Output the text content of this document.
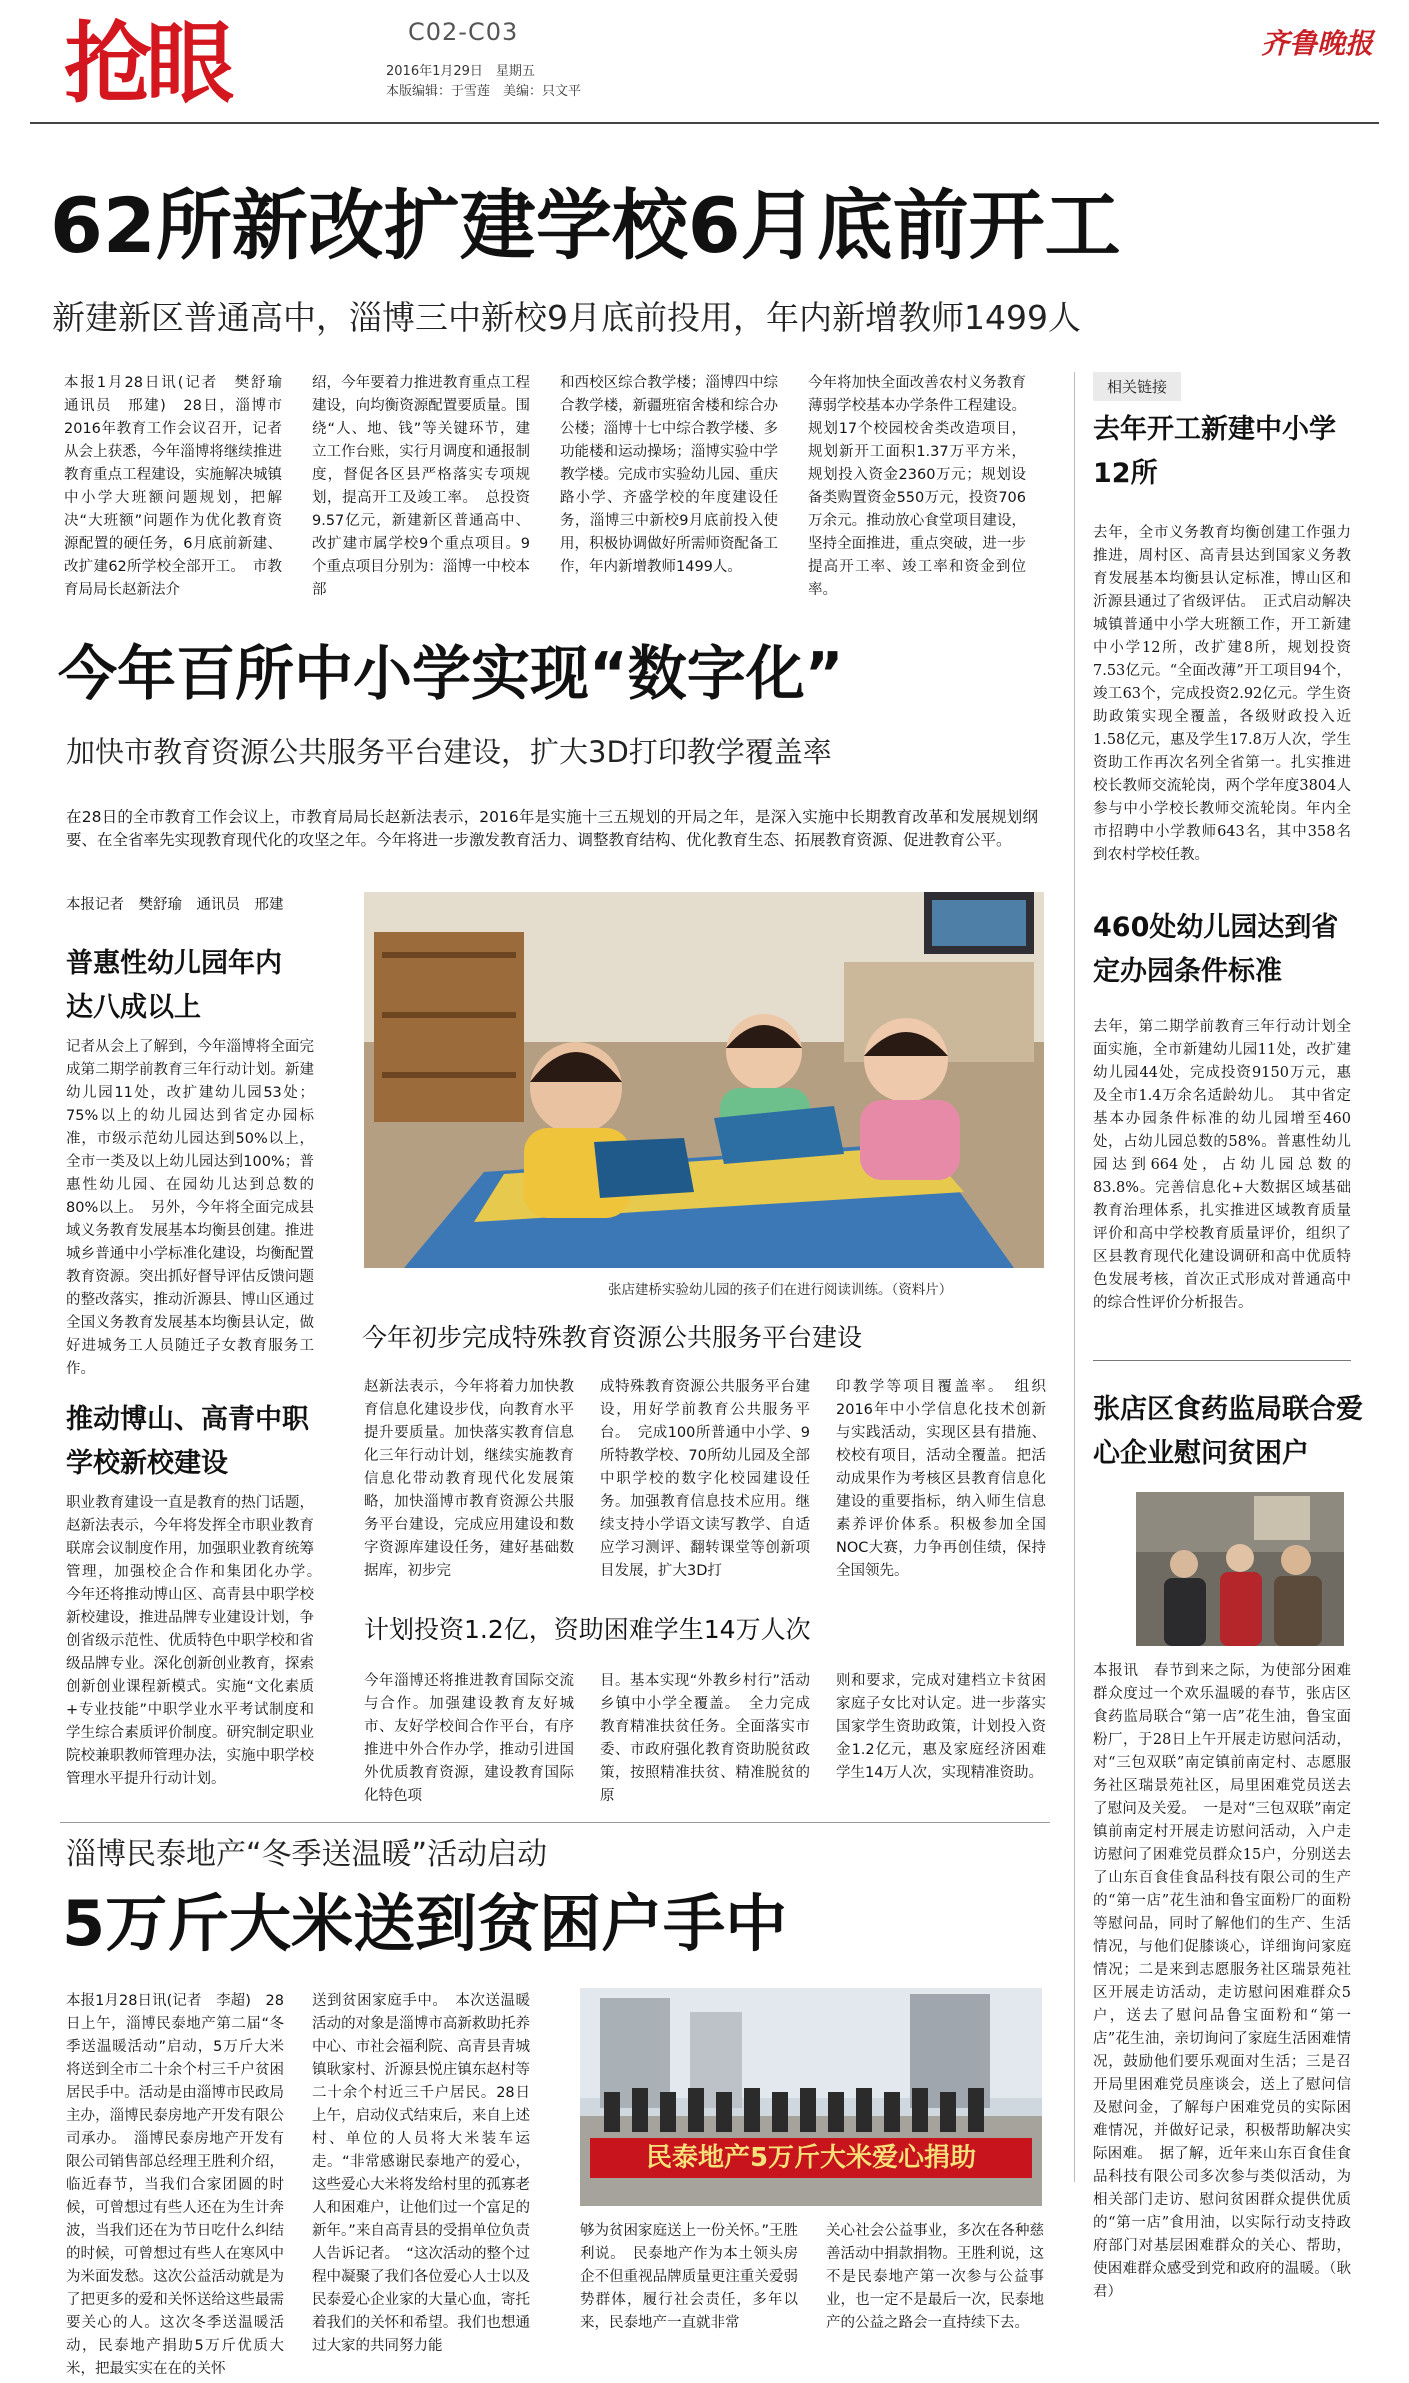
抢眼	C02-C03
2016年1月29日　星期五
本版编辑：于雪莲　美编：只文平
齐鲁晚报
62所新改扩建学校6月底前开工
新建新区普通高中，淄博三中新校9月底前投用，年内新增教师1499人

本报1月28日讯(记者　樊舒瑜　通讯员　邢建)　28日，淄博市2016年教育工作会议召开，记者从会上获悉，今年淄博将继续推进教育重点工程建设，实施解决城镇中小学大班额问题规划，把解决“大班额”问题作为优化教育资源配置的硬任务，6月底前新建、改扩建62所学校全部开工。　市教育局局长赵新法介

绍，今年要着力推进教育重点工程建设，向均衡资源配置要质量。围绕“人、地、钱”等关键环节，建立工作台账，实行月调度和通报制度，督促各区县严格落实专项规划，提高开工及竣工率。　总投资9.57亿元，新建新区普通高中、改扩建市属学校9个重点项目。9个重点项目分别为：淄博一中校本部

和西校区综合教学楼；淄博四中综合教学楼，新疆班宿舍楼和综合办公楼；淄博十七中综合教学楼、多功能楼和运动操场；淄博实验中学教学楼。完成市实验幼儿园、重庆路小学、齐盛学校的年度建设任务，淄博三中新校9月底前投入使用，积极协调做好所需师资配备工作，年内新增教师1499人。

今年将加快全面改善农村义务教育薄弱学校基本办学条件工程建设。规划17个校园校舍类改造项目，规划新开工面积1.37万平方米，规划投入资金2360万元；规划设备类购置资金550万元，投资706万余元。推动放心食堂项目建设，坚持全面推进，重点突破，进一步提高开工率、竣工率和资金到位率。

相关链接
去年开工新建中小学12所

去年，全市义务教育均衡创建工作强力推进，周村区、高青县达到国家义务教育发展基本均衡县认定标准，博山区和沂源县通过了省级评估。　正式启动解决城镇普通中小学大班额工作，开工新建中小学12所，改扩建8所，规划投资7.53亿元。“全面改薄”开工项目94个，竣工63个，完成投资2.92亿元。学生资助政策实现全覆盖，各级财政投入近1.58亿元，惠及学生17.8万人次，学生资助工作再次名列全省第一。扎实推进校长教师交流轮岗，两个学年度3804人参与中小学校长教师交流轮岗。年内全市招聘中小学教师643名，其中358名到农村学校任教。

460处幼儿园达到省定办园条件标准

去年，第二期学前教育三年行动计划全面实施，全市新建幼儿园11处，改扩建幼儿园44处，完成投资9150万元，惠及全市1.4万余名适龄幼儿。　其中省定基本办园条件标准的幼儿园增至460处，占幼儿园总数的58%。普惠性幼儿园达到664处，占幼儿园总数的83.8%。完善信息化+大数据区域基础教育治理体系，扎实推进区域教育质量评价和高中学校教育质量评价，组织了区县教育现代化建设调研和高中优质特色发展考核，首次正式形成对普通高中的综合性评价分析报告。

张店区食药监局联合爱心企业慰问贫困户

本报讯　春节到来之际，为使部分困难群众度过一个欢乐温暖的春节，张店区食药监局联合“第一店”花生油，鲁宝面粉厂，于28日上午开展走访慰问活动，对“三包双联”南定镇前南定村、志愿服务社区瑞景苑社区，局里困难党员送去了慰问及关爱。　一是对“三包双联”南定镇前南定村开展走访慰问活动，入户走访慰问了困难党员群众15户，分别送去了山东百食佳食品科技有限公司的生产的“第一店”花生油和鲁宝面粉厂的面粉等慰问品，同时了解他们的生产、生活情况，与他们促膝谈心，详细询问家庭情况；二是来到志愿服务社区瑞景苑社区开展走访活动，走访慰问困难群众5户，送去了慰问品鲁宝面粉和“第一店”花生油，亲切询问了家庭生活困难情况，鼓励他们要乐观面对生活；三是召开局里困难党员座谈会，送上了慰问信及慰问金，了解每户困难党员的实际困难情况，并做好记录，积极帮助解决实际困难。　据了解，近年来山东百食佳食品科技有限公司多次参与类似活动，为相关部门走访、慰问贫困群众提供优质的“第一店”食用油，以实际行动支持政府部门对基层困难群众的关心、帮助，使困难群众感受到党和政府的温暖。（耿君）

今年百所中小学实现“数字化”
加快市教育资源公共服务平台建设，扩大3D打印教学覆盖率

在28日的全市教育工作会议上，市教育局局长赵新法表示，2016年是实施十三五规划的开局之年，是深入实施中长期教育改革和发展规划纲要、在全省率先实现教育现代化的攻坚之年。今年将进一步激发教育活力、调整教育结构、优化教育生态、拓展教育资源、促进教育公平。

本报记者　樊舒瑜　通讯员　邢建
普惠性幼儿园年内达八成以上

记者从会上了解到，今年淄博将全面完成第二期学前教育三年行动计划。新建幼儿园11处，改扩建幼儿园53处；75%以上的幼儿园达到省定办园标准，市级示范幼儿园达到50%以上，全市一类及以上幼儿园达到100%；普惠性幼儿园、在园幼儿达到总数的80%以上。　另外，今年将全面完成县域义务教育发展基本均衡县创建。推进城乡普通中小学标准化建设，均衡配置教育资源。突出抓好督导评估反馈问题的整改落实，推动沂源县、博山区通过全国义务教育发展基本均衡县认定，做好进城务工人员随迁子女教育服务工作。

推动博山、高青中职学校新校建设

职业教育建设一直是教育的热门话题，赵新法表示，今年将发挥全市职业教育联席会议制度作用，加强职业教育统筹管理，加强校企合作和集团化办学。　今年还将推动博山区、高青县中职学校新校建设，推进品牌专业建设计划，争创省级示范性、优质特色中职学校和省级品牌专业。深化创新创业教育，探索创新创业课程新模式。实施“文化素质+专业技能”中职学业水平考试制度和学生综合素质评价制度。研究制定职业院校兼职教师管理办法，实施中职学校管理水平提升行动计划。

张店建桥实验幼儿园的孩子们在进行阅读训练。（资料片）
今年初步完成特殊教育资源公共服务平台建设

赵新法表示，今年将着力加快教育信息化建设步伐，向教育水平提升要质量。加快落实教育信息化三年行动计划，继续实施教育信息化带动教育现代化发展策略，加快淄博市教育资源公共服务平台建设，完成应用建设和数字资源库建设任务，建好基础数据库，初步完

成特殊教育资源公共服务平台建设，用好学前教育公共服务平台。　完成100所普通中小学、9所特教学校、70所幼儿园及全部中职学校的数字化校园建设任务。加强教育信息技术应用。继续支持小学语文读写教学、自适应学习测评、翻转课堂等创新项目发展，扩大3D打

印教学等项目覆盖率。　组织2016年中小学信息化技术创新与实践活动，实现区县有措施、校校有项目，活动全覆盖。把活动成果作为考核区县教育信息化建设的重要指标，纳入师生信息素养评价体系。积极参加全国NOC大赛，力争再创佳绩，保持全国领先。

计划投资1.2亿，资助困难学生14万人次

今年淄博还将推进教育国际交流与合作。加强建设教育友好城市、友好学校间合作平台，有序推进中外合作办学，推动引进国外优质教育资源，建设教育国际化特色项

目。基本实现“外教乡村行”活动乡镇中小学全覆盖。　全力完成教育精准扶贫任务。全面落实市委、市政府强化教育资助脱贫政策，按照精准扶贫、精准脱贫的原

则和要求，完成对建档立卡贫困家庭子女比对认定。进一步落实国家学生资助政策，计划投入资金1.2亿元，惠及家庭经济困难学生14万人次，实现精准资助。

淄博民泰地产“冬季送温暖”活动启动
5万斤大米送到贫困户手中

本报1月28日讯(记者　李超)　28日上午，淄博民泰地产第二届“冬季送温暖活动”启动，5万斤大米将送到全市二十余个村三千户贫困居民手中。活动是由淄博市民政局主办，淄博民泰房地产开发有限公司承办。　淄博民泰房地产开发有限公司销售部总经理王胜利介绍，临近春节，当我们合家团圆的时候，可曾想过有些人还在为生计奔波，当我们还在为节日吃什么纠结的时候，可曾想过有些人在寒风中为米面发愁。这次公益活动就是为了把更多的爱和关怀送给这些最需要关心的人。这次冬季送温暖活动，民泰地产捐助5万斤优质大米，把最实实在在的关怀

送到贫困家庭手中。　本次送温暖活动的对象是淄博市高新救助托养中心、市社会福利院、高青县青城镇耿家村、沂源县悦庄镇东赵村等二十余个村近三千户居民。28日上午，启动仪式结束后，来自上述村、单位的人员将大米装车运走。“非常感谢民泰地产的爱心，这些爱心大米将发给村里的孤寡老人和困难户，让他们过一个富足的新年。”来自高青县的受捐单位负责人告诉记者。　“这次活动的整个过程中凝聚了我们各位爱心人士以及民泰爱心企业家的大量心血，寄托着我们的关怀和希望。我们也想通过大家的共同努力能

民泰地产5万斤大米爱心捐助

够为贫困家庭送上一份关怀。”王胜利说。　民泰地产作为本土领头房企不但重视品牌质量更注重关爱弱势群体，履行社会责任，多年以来，民泰地产一直就非常

关心社会公益事业，多次在各种慈善活动中捐款捐物。王胜利说，这不是民泰地产第一次参与公益事业，也一定不是最后一次，民泰地产的公益之路会一直持续下去。
